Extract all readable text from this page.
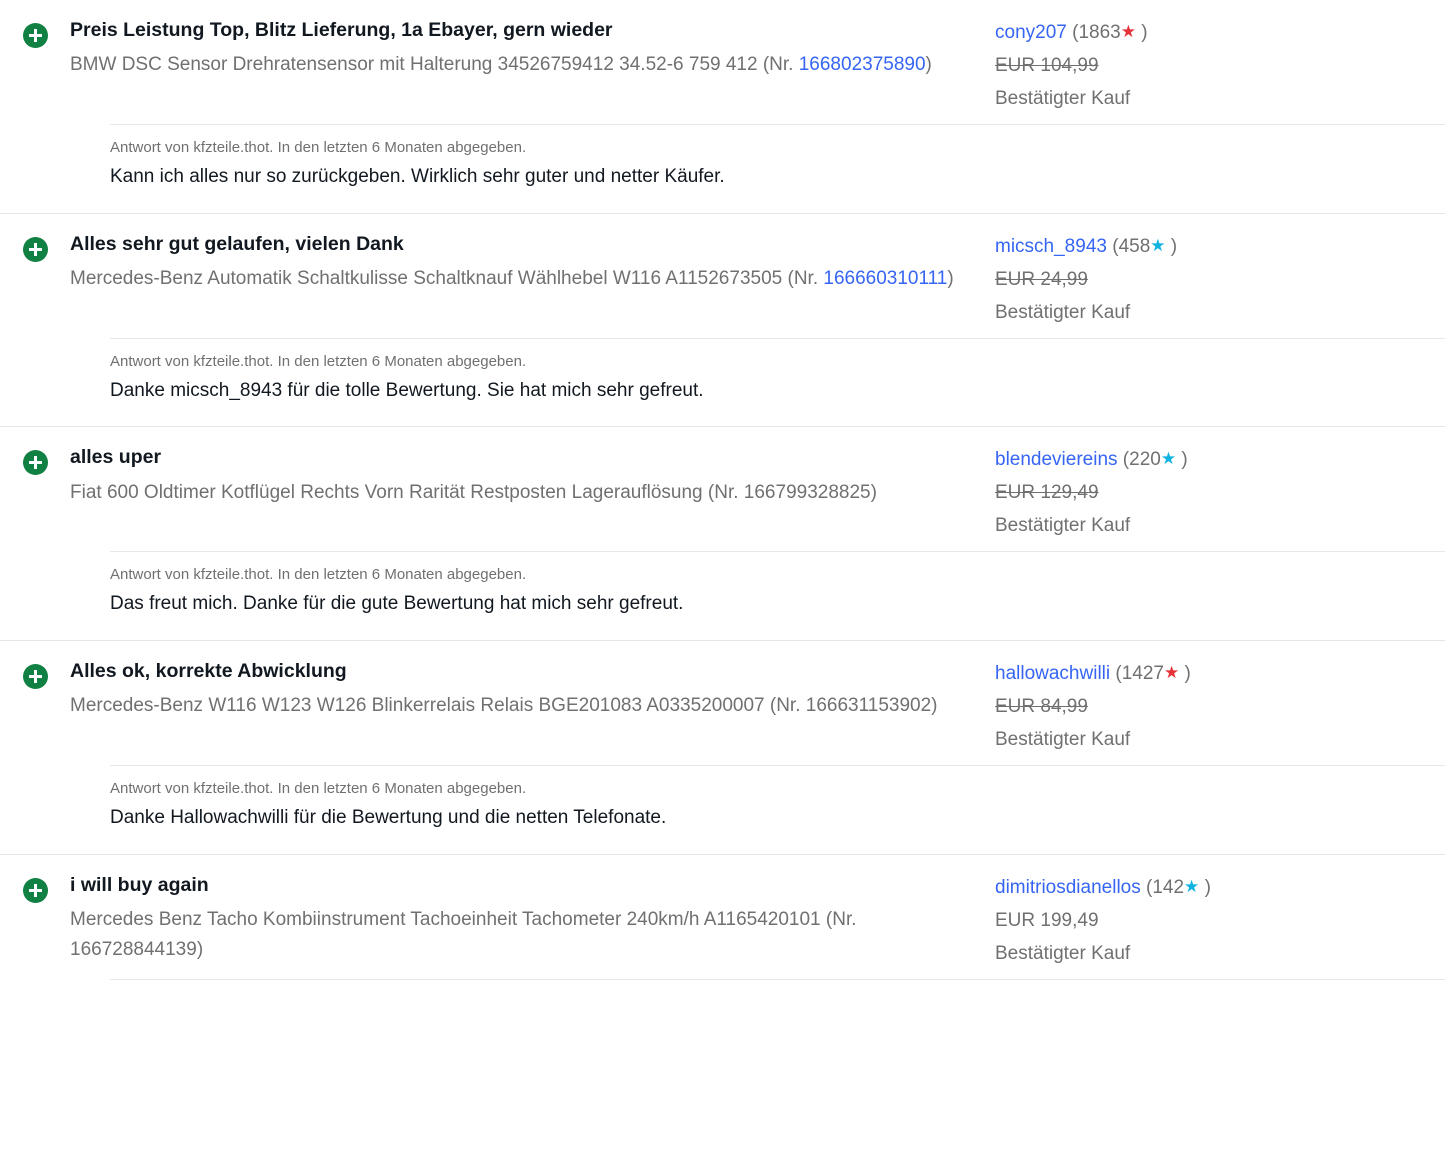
Preis Leistung Top, Blitz Lieferung, 1a Ebayer, gern wieder
BMW DSC Sensor Drehratensensor mit Halterung 34526759412 34.52-6 759 412 (Nr. 166802375890)
cony207 (1863★ )
EUR 104,99
Bestätigter Kauf
Antwort von kfzteile.thot. In den letzten 6 Monaten abgegeben.
Kann ich alles nur so zurückgeben. Wirklich sehr guter und netter Käufer.
Alles sehr gut gelaufen, vielen Dank
Mercedes-Benz Automatik Schaltkulisse Schaltknauf Wählhebel W116 A1152673505 (Nr. 166660310111)
micsch_8943 (458★ )
EUR 24,99
Bestätigter Kauf
Antwort von kfzteile.thot. In den letzten 6 Monaten abgegeben.
Danke micsch_8943 für die tolle Bewertung. Sie hat mich sehr gefreut.
alles uper
Fiat 600 Oldtimer Kotflügel Rechts Vorn Rarität Restposten Lagerauflösung (Nr. 166799328825)
blendeviereins (220★ )
EUR 129,49
Bestätigter Kauf
Antwort von kfzteile.thot. In den letzten 6 Monaten abgegeben.
Das freut mich. Danke für die gute Bewertung hat mich sehr gefreut.
Alles ok, korrekte Abwicklung
Mercedes-Benz W116 W123 W126 Blinkerrelais Relais BGE201083 A0335200007 (Nr. 166631153902)
hallowachwilli (1427★ )
EUR 84,99
Bestätigter Kauf
Antwort von kfzteile.thot. In den letzten 6 Monaten abgegeben.
Danke Hallowachwilli für die Bewertung und die netten Telefonate.
i will buy again
Mercedes Benz Tacho Kombiinstrument Tachoeinheit Tachometer 240km/h A1165420101 (Nr. 166728844139)
dimitriosdianellos (142★ )
EUR 199,49
Bestätigter Kauf
